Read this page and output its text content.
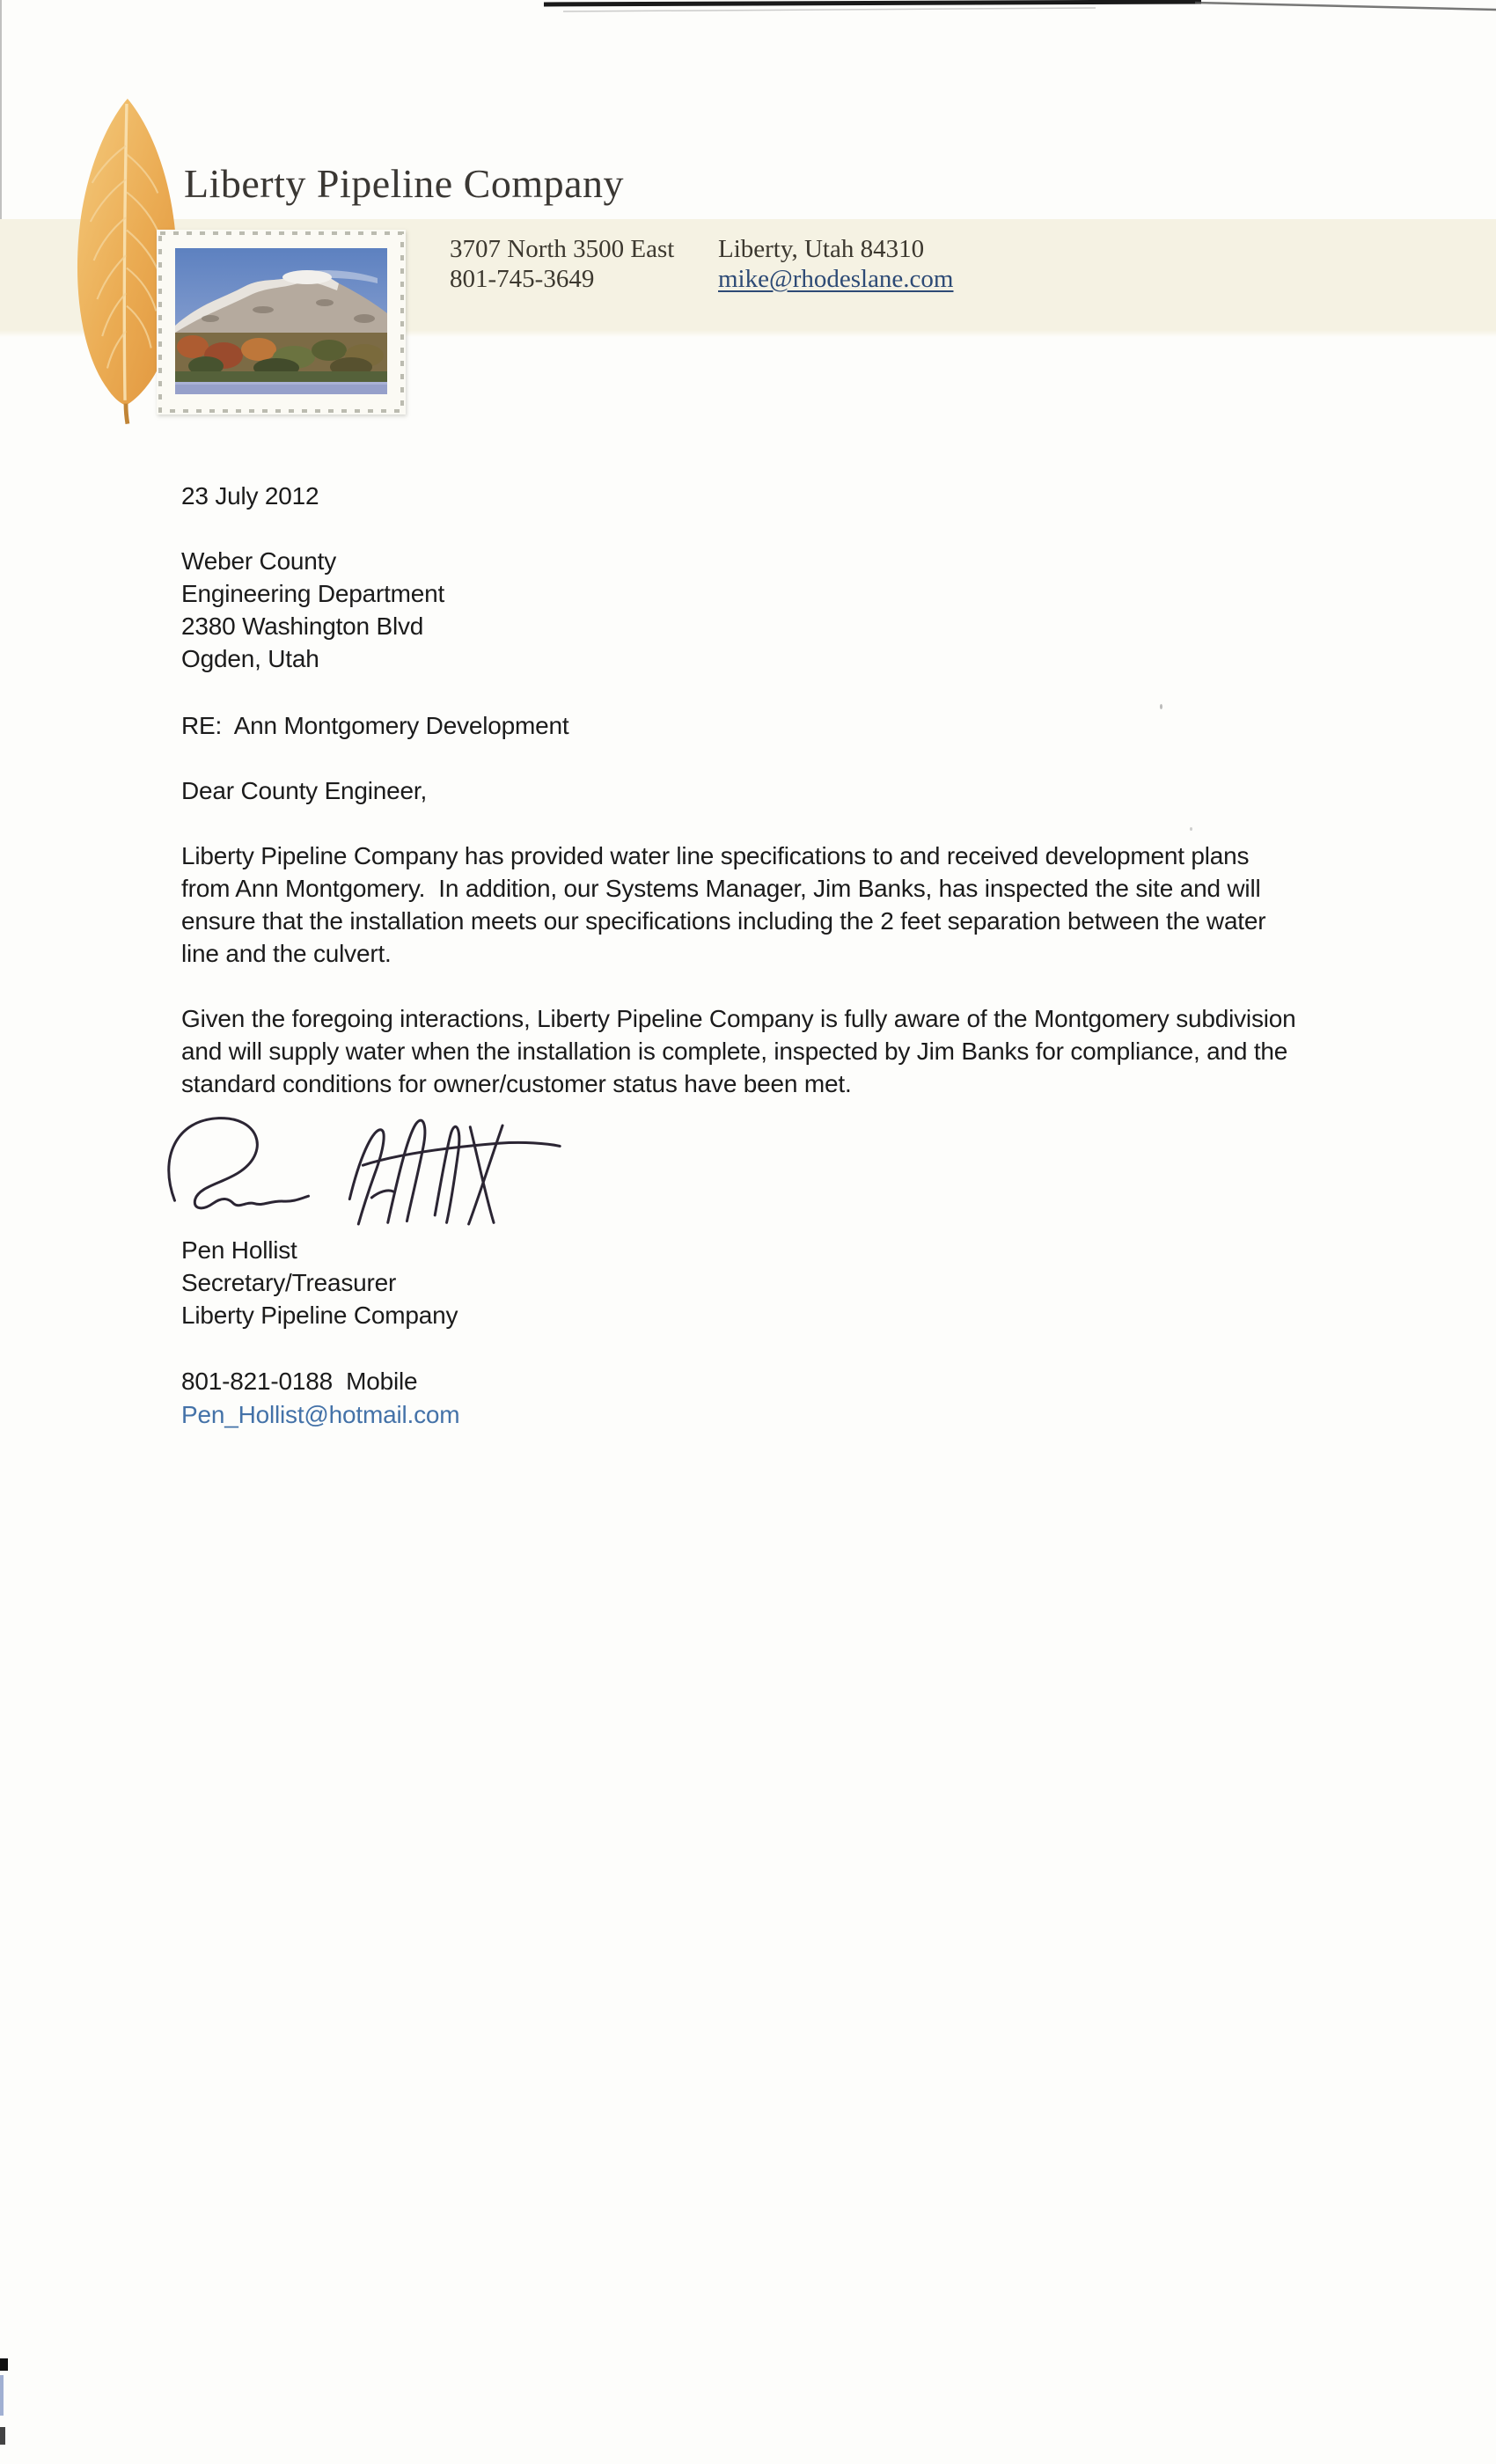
Liberty Pipeline Company
3707 North 3500 East
801-745-3649
Liberty, Utah 84310
mike@rhodeslane.com
23 July 2012
Weber County
Engineering Department
2380 Washington Blvd
Ogden, Utah
RE:  Ann Montgomery Development
Dear County Engineer,
Liberty Pipeline Company has provided water line specifications to and received development plans
from Ann Montgomery.  In addition, our Systems Manager, Jim Banks, has inspected the site and will
ensure that the installation meets our specifications including the 2 feet separation between the water
line and the culvert.
Given the foregoing interactions, Liberty Pipeline Company is fully aware of the Montgomery subdivision
and will supply water when the installation is complete, inspected by Jim Banks for compliance, and the
standard conditions for owner/customer status have been met.
Pen Hollist
Secretary/Treasurer
Liberty Pipeline Company
801-821-0188  Mobile
Pen_Hollist@hotmail.com
